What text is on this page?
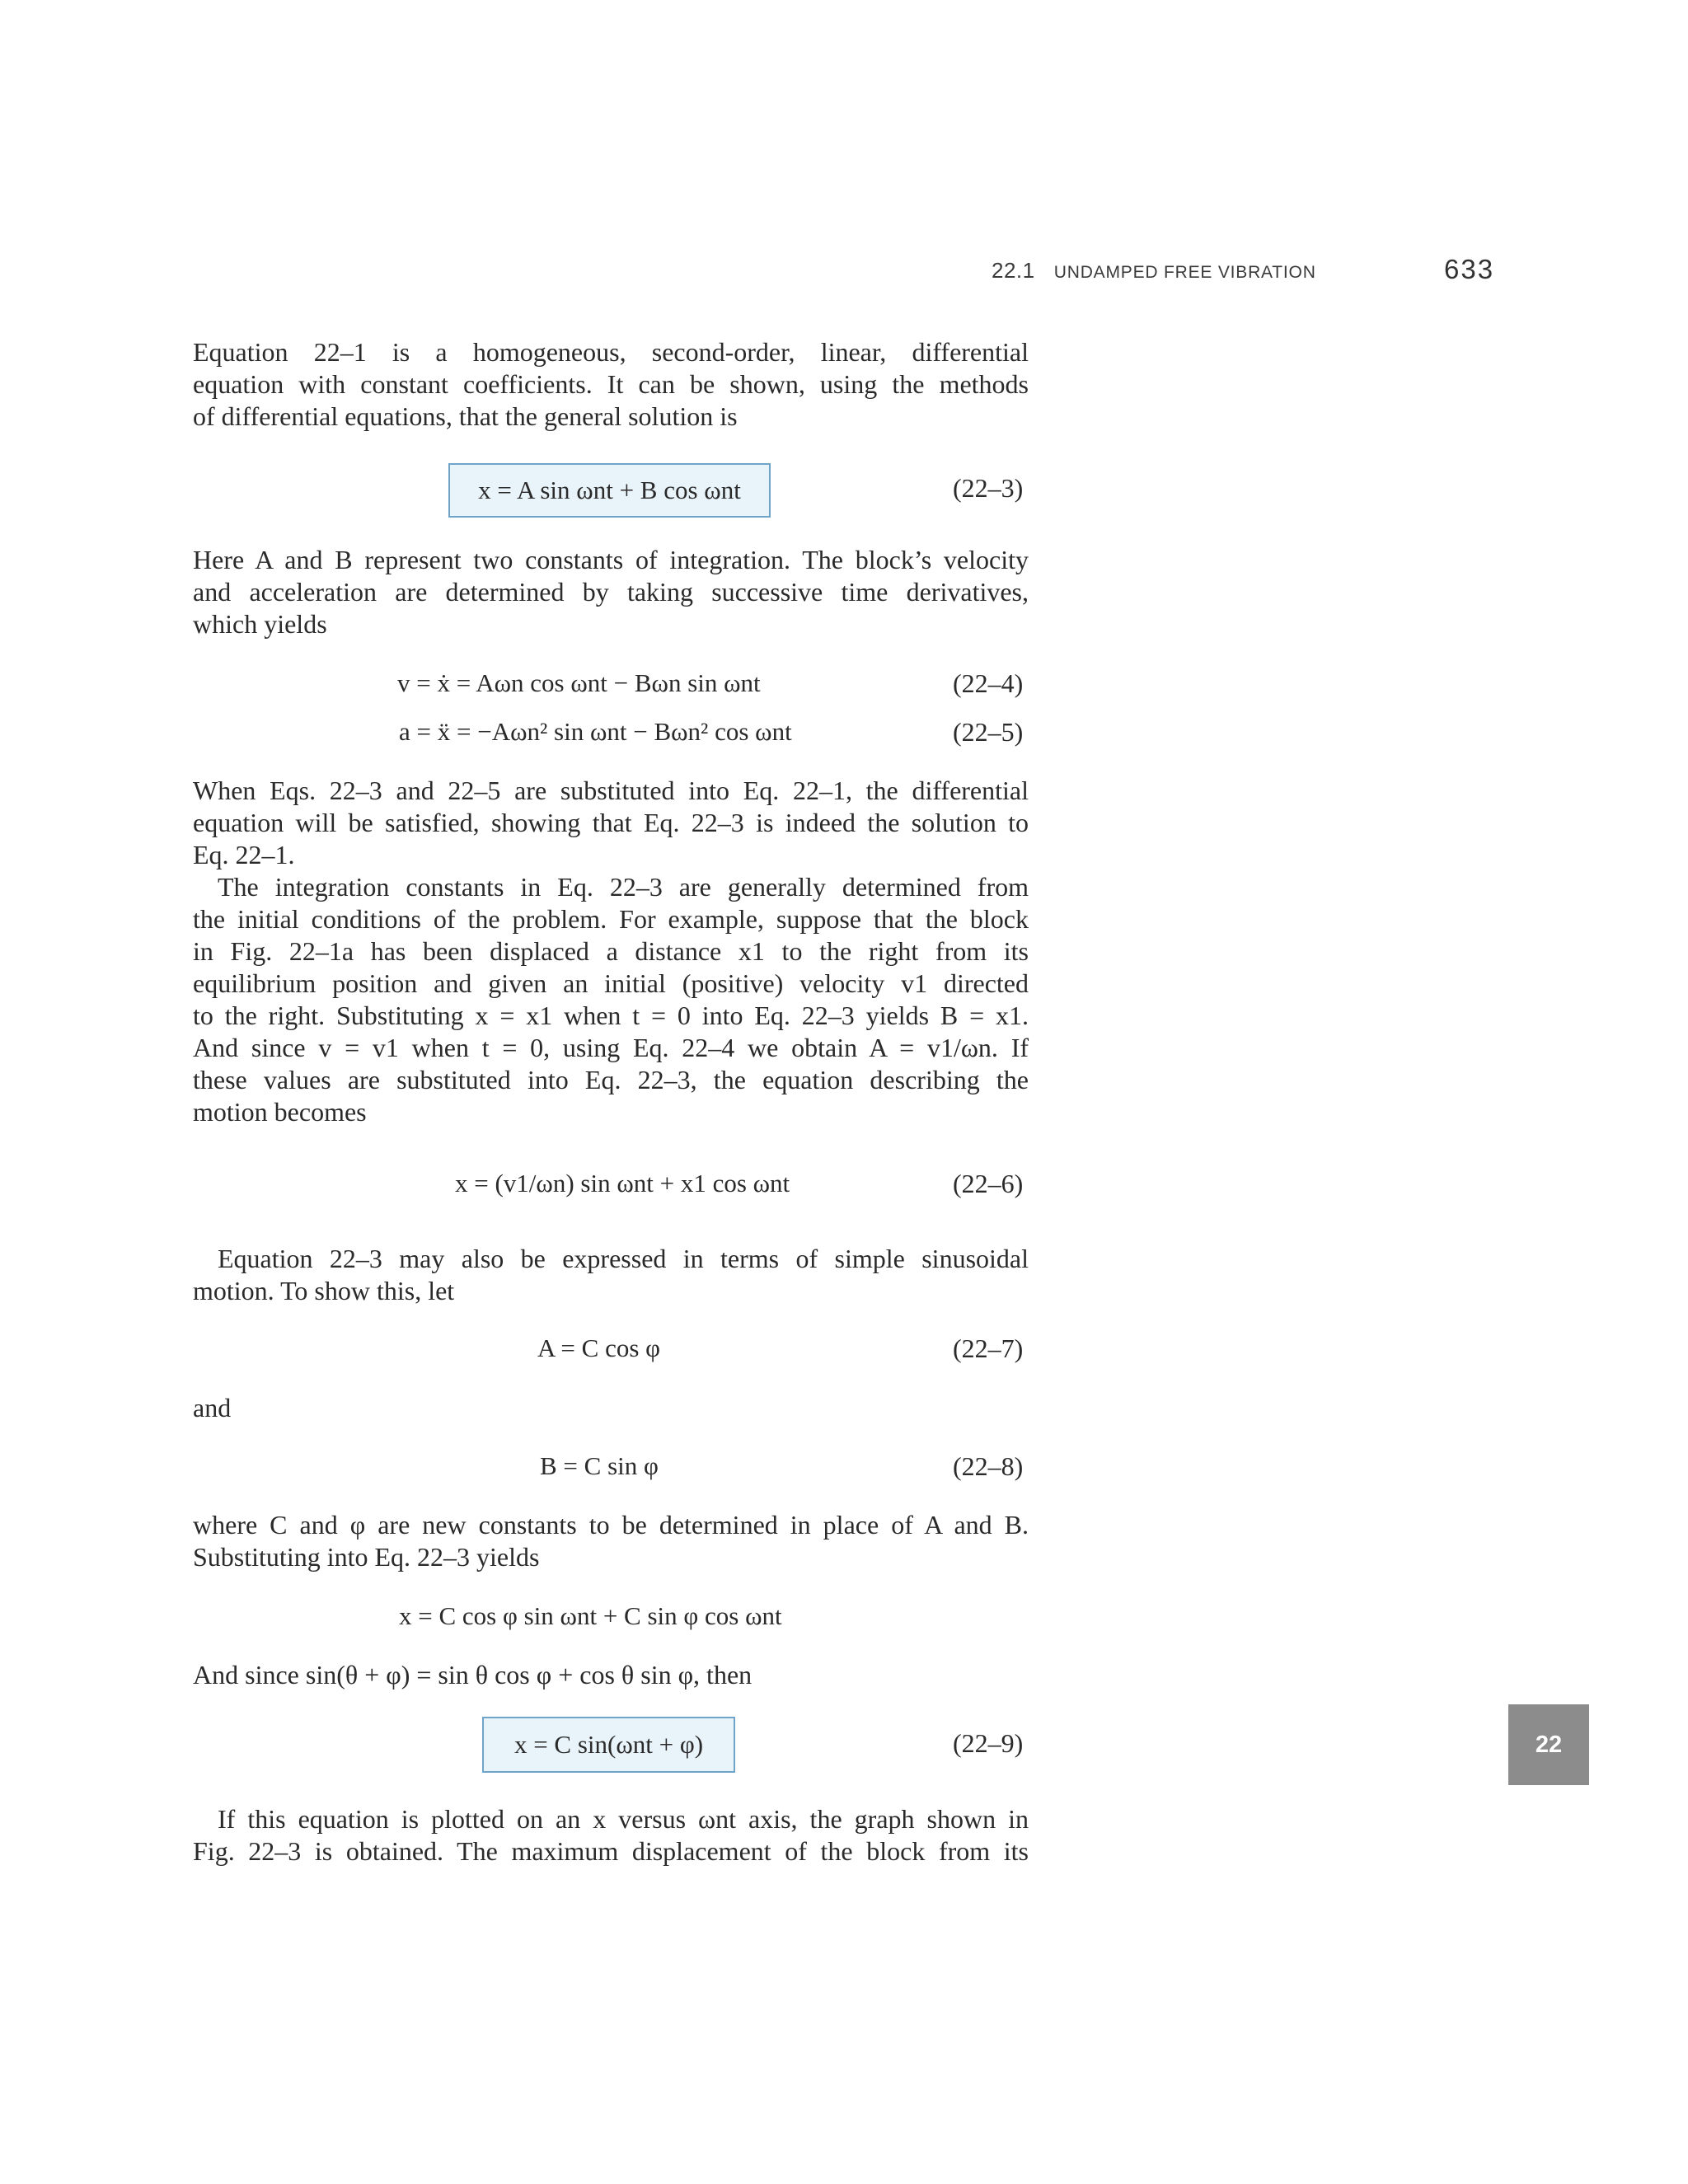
22.1 UNDAMPED FREE VIBRATION	633
22
Equation 22–1 is a homogeneous, second-order, linear, differential
equation with constant coefficients. It can be shown, using the methods
of differential equations, that the general solution is
x = A sin ωnt + B cos ωnt	(22–3)
Here A and B represent two constants of integration. The block’s velocity
and acceleration are determined by taking successive time derivatives,
which yields
v = ẋ = Aωn cos ωnt − Bωn sin ωnt	(22–4)
a = ẍ = −Aωn² sin ωnt − Bωn² cos ωnt	(22–5)
When Eqs. 22–3 and 22–5 are substituted into Eq. 22–1, the differential
equation will be satisfied, showing that Eq. 22–3 is indeed the solution to
Eq. 22–1.
The integration constants in Eq. 22–3 are generally determined from
the initial conditions of the problem. For example, suppose that the block
in Fig. 22–1a has been displaced a distance x1 to the right from its
equilibrium position and given an initial (positive) velocity v1 directed
to the right. Substituting x = x1 when t = 0 into Eq. 22–3 yields B = x1.
And since v = v1 when t = 0, using Eq. 22–4 we obtain A = v1/ωn. If
these values are substituted into Eq. 22–3, the equation describing the
motion becomes
x = (v1/ωn) sin ωnt + x1 cos ωnt	(22–6)
Equation 22–3 may also be expressed in terms of simple sinusoidal
motion. To show this, let
A = C cos φ	(22–7)
and
B = C sin φ	(22–8)
where C and φ are new constants to be determined in place of A and B.
Substituting into Eq. 22–3 yields
x = C cos φ sin ωnt + C sin φ cos ωnt
And since sin(θ + φ) = sin θ cos φ + cos θ sin φ, then
x = C sin(ωnt + φ)	(22–9)
If this equation is plotted on an x versus ωnt axis, the graph shown in
Fig. 22–3 is obtained. The maximum displacement of the block from its
